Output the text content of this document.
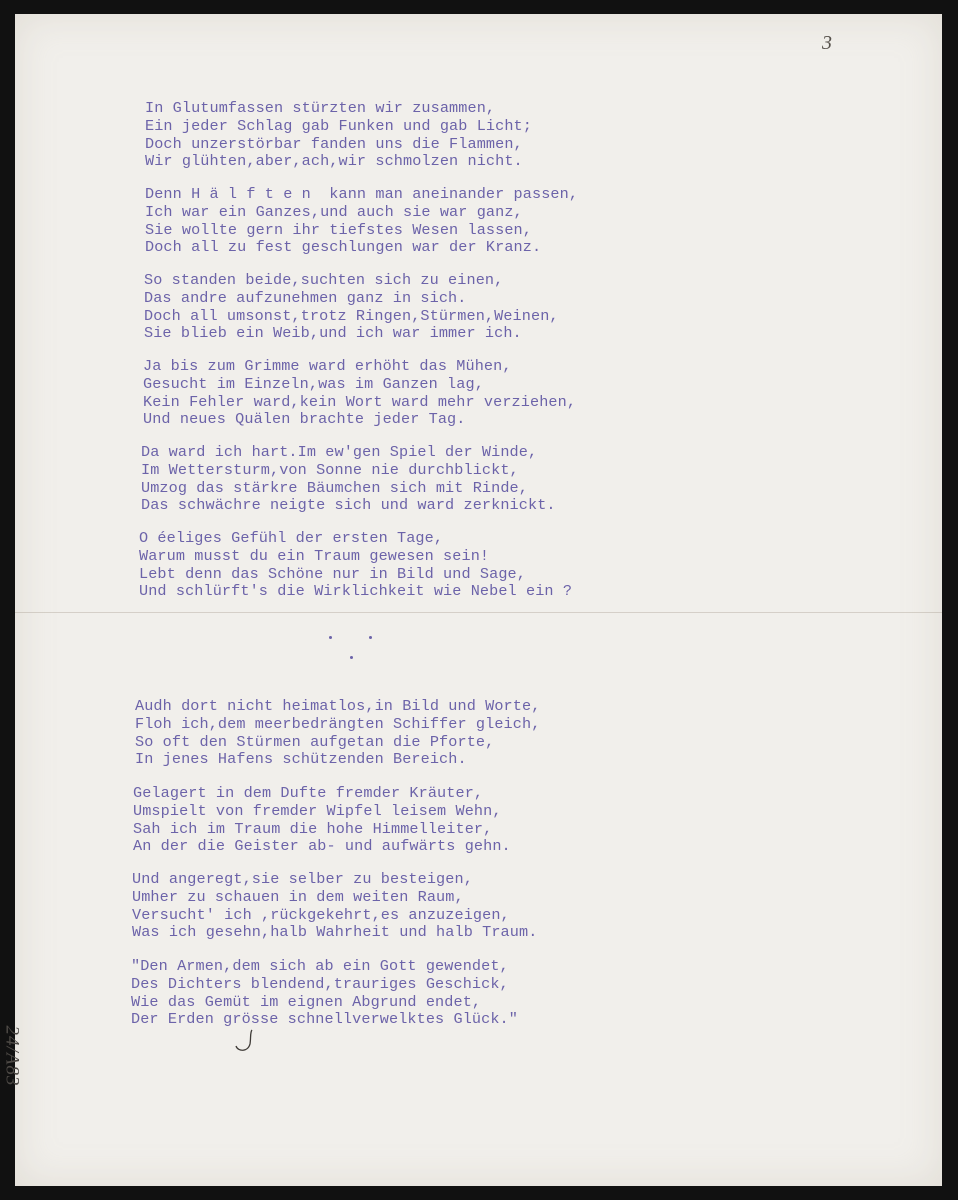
3
In Glutumfassen stürzten wir zusammen,
Ein jeder Schlag gab Funken und gab Licht;
Doch unzerstörbar fanden uns die Flammen,
Wir glühten,aber,ach,wir schmolzen nicht.
Denn H ä l f t e n  kann man aneinander passen,
Ich war ein Ganzes,und auch sie war ganz,
Sie wollte gern ihr tiefstes Wesen lassen,
Doch all zu fest geschlungen war der Kranz.
So standen beide,suchten sich zu einen,
Das andre aufzunehmen ganz in sich.
Doch all umsonst,trotz Ringen,Stürmen,Weinen,
Sie blieb ein Weib,und ich war immer ich.
Ja bis zum Grimme ward erhöht das Mühen,
Gesucht im Einzeln,was im Ganzen lag,
Kein Fehler ward,kein Wort ward mehr verziehen,
Und neues Quälen brachte jeder Tag.
Da ward ich hart.Im ew'gen Spiel der Winde,
Im Wettersturm,von Sonne nie durchblickt,
Umzog das stärkre Bäumchen sich mit Rinde,
Das schwächre neigte sich und ward zerknickt.
O éeliges Gefühl der ersten Tage,
Warum musst du ein Traum gewesen sein!
Lebt denn das Schöne nur in Bild und Sage,
Und schlürft's die Wirklichkeit wie Nebel ein ?
Audh dort nicht heimatlos,in Bild und Worte,
Floh ich,dem meerbedrängten Schiffer gleich,
So oft den Stürmen aufgetan die Pforte,
In jenes Hafens schützenden Bereich.
Gelagert in dem Dufte fremder Kräuter,
Umspielt von fremder Wipfel leisem Wehn,
Sah ich im Traum die hohe Himmelleiter,
An der die Geister ab- und aufwärts gehn.
Und angeregt,sie selber zu besteigen,
Umher zu schauen in dem weiten Raum,
Versucht' ich ,rückgekehrt,es anzuzeigen,
Was ich gesehn,halb Wahrheit und halb Traum.
"Den Armen,dem sich ab ein Gott gewendet,
Des Dichters blendend,trauriges Geschick,
Wie das Gemüt im eignen Abgrund endet,
Der Erden grösse schnellverwelktes Glück."
24/A83
